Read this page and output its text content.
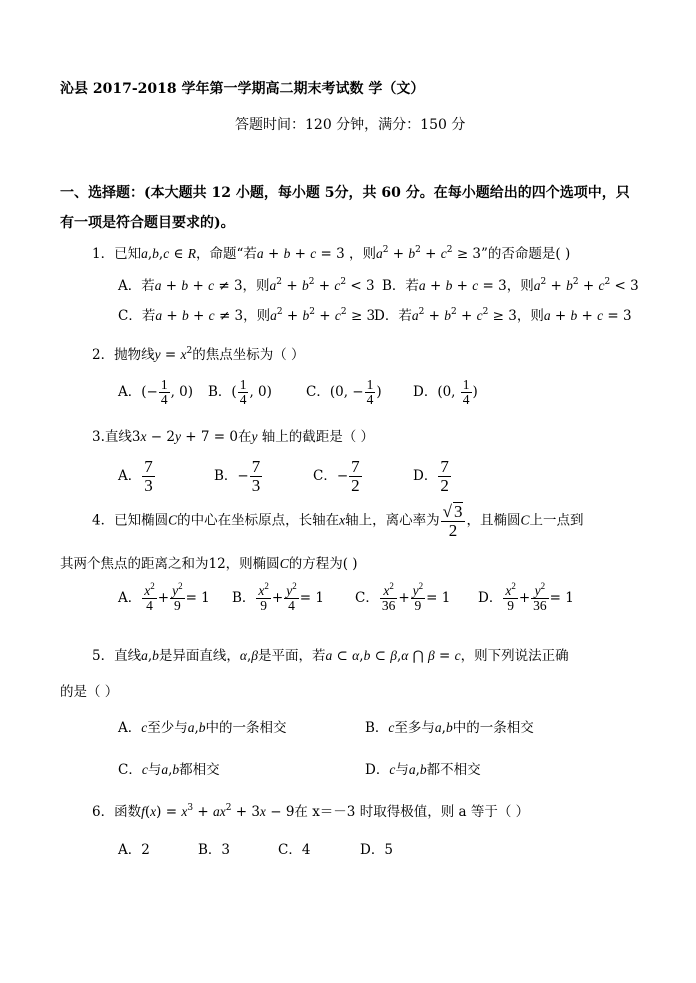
沁县 2017-2018 学年第一学期高二期末考试数 学（文）
答题时间：120 分钟，满分：150 分
一、选择题：(本大题共 12 小题，每小题 5分，共 60 分。在每小题给出的四个选项中，只
有一项是符合题目要求的)。
1．已知a,b,c ∈ R，命题“若a + b + c = 3 ，则$a^2 + b^2 + c^2 \ge 3$”的否命题是( )
A．若a + b + c ≠ 3，则$a^2 + b^2 + c^2 < 3$ B．若a + b + c = 3，则$a^2 + b^2 + c^2 < 3$
C．若a + b + c ≠ 3，则$a^2 + b^2 + c^2 \ge 3$
D．若$a^2 + b^2 + c^2 \ge 3$，则a + b + c = 3
2．抛物线$y = x^2$的焦点坐标为（ ）
A．(− $\frac{1}{4}$ , 0) B．( $\frac{1}{4}$ , 0)	C．(0, − $\frac{1}{4}$ ) D．(0, $\frac{1}{4}$ )
3.直线3x − 2y + 7 = 0在y 轴上的截距是（ ）
A． $\frac{7}{3}$	B．− $\frac{7}{3}$	C．− $\frac{7}{2}$	D． $\frac{7}{2}$
4．已知椭圆C的中心在坐标原点，长轴在x轴上，离心率为 $\frac{√ 3}{2}$ ，且椭圆C上一点到
其两个焦点的距离之和为12，则椭圆C的方程为( )
A． $\frac{x^2}{4} + \frac{y^2}{9} = 1$ B． $\frac{x^2}{9} + \frac{y^2}{4} = 1$ C． $\frac{x^2}{36} + \frac{y^2}{9} = 1$ D． $\frac{x^2}{9} + \frac{y^2}{36} = 1$
5．直线a,b是异面直线，α,β是平面，若a ⊂ α,b ⊂ β,α ⋂ β = c，则下列说法正确
的是（ ）
A．c至少与a,b中的一条相交	B．c至多与a,b中的一条相交
C．c与a,b都相交	D．c与a,b都不相交
6．函数$f(x) = x^3 + ax^2 + 3x - 9$在 x＝－3 时取得极值，则 a 等于（ ）
A．2	B．3	C．4	D．5
